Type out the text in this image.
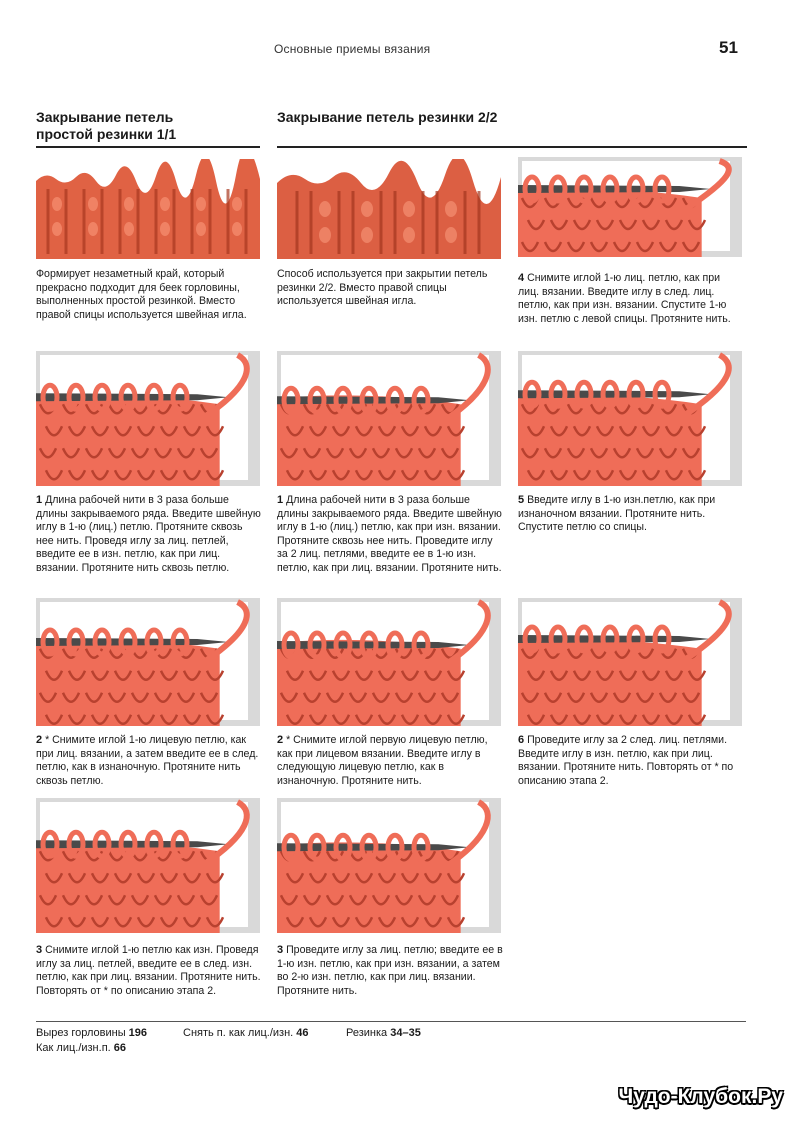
Основные приемы вязания	51
Закрывание петель
простой резинки 1/1
Закрывание петель резинки 2/2
Формирует незаметный край, который прекрасно подходит для беек горловины, выполненных простой резинкой. Вместо правой спицы используется швейная игла.
Способ используется при закрытии петель резинки 2/2. Вместо правой спицы используется швейная игла.
4 Снимите иглой 1-ю лиц. петлю, как при лиц. вязании. Введите иглу в след. лиц. петлю, как при изн. вязании. Спустите 1-ю изн. петлю с левой спицы. Протяните нить.
1 Длина рабочей нити в 3 раза больше длины закрываемого ряда. Введите швейную иглу в 1-ю (лиц.) петлю. Протяните сквозь нее нить. Проведя иглу за лиц. петлей, введите ее в изн. петлю, как при лиц. вязании. Протяните нить сквозь петлю.
1 Длина рабочей нити в 3 раза больше длины закрываемого ряда. Введите швейную иглу в 1-ю (лиц.) петлю, как при изн. вязании. Протяните сквозь нее нить. Проведите иглу за 2 лиц. петлями, введите ее в 1-ю изн. петлю, как при лиц. вязании. Протяните нить.
5 Введите иглу в 1-ю изн.петлю, как при изнаночном вязании. Протяните нить. Спустите петлю со спицы.
2 * Снимите иглой 1-ю лицевую петлю, как при лиц. вязании, а затем введите ее в след. петлю, как в изнаночную. Протяните нить сквозь петлю.
2 * Снимите иглой первую лицевую петлю, как при лицевом вязании. Введите иглу в следующую лицевую петлю, как в изнаночную. Протяните нить.
6 Проведите иглу за 2 след. лиц. петлями. Введите иглу в изн. петлю, как при лиц. вязании. Протяните нить. Повторять от * по описанию этапа 2.
3 Снимите иглой 1-ю петлю как изн. Проведя иглу за лиц. петлей, введите ее в след. изн. петлю, как при лиц. вязании. Протяните нить. Повторять от * по описанию этапа 2.
3 Проведите иглу за лиц. петлю; введите ее в 1-ю изн. петлю, как при изн. вязании, а затем во 2-ю изн. петлю, как при лиц. вязании. Протяните нить.
Вырез горловины 196	Снять п. как лиц./изн. 46	Резинка 34–35
Как лиц./изн.п. 66
Чудо-Клубок.Ру
